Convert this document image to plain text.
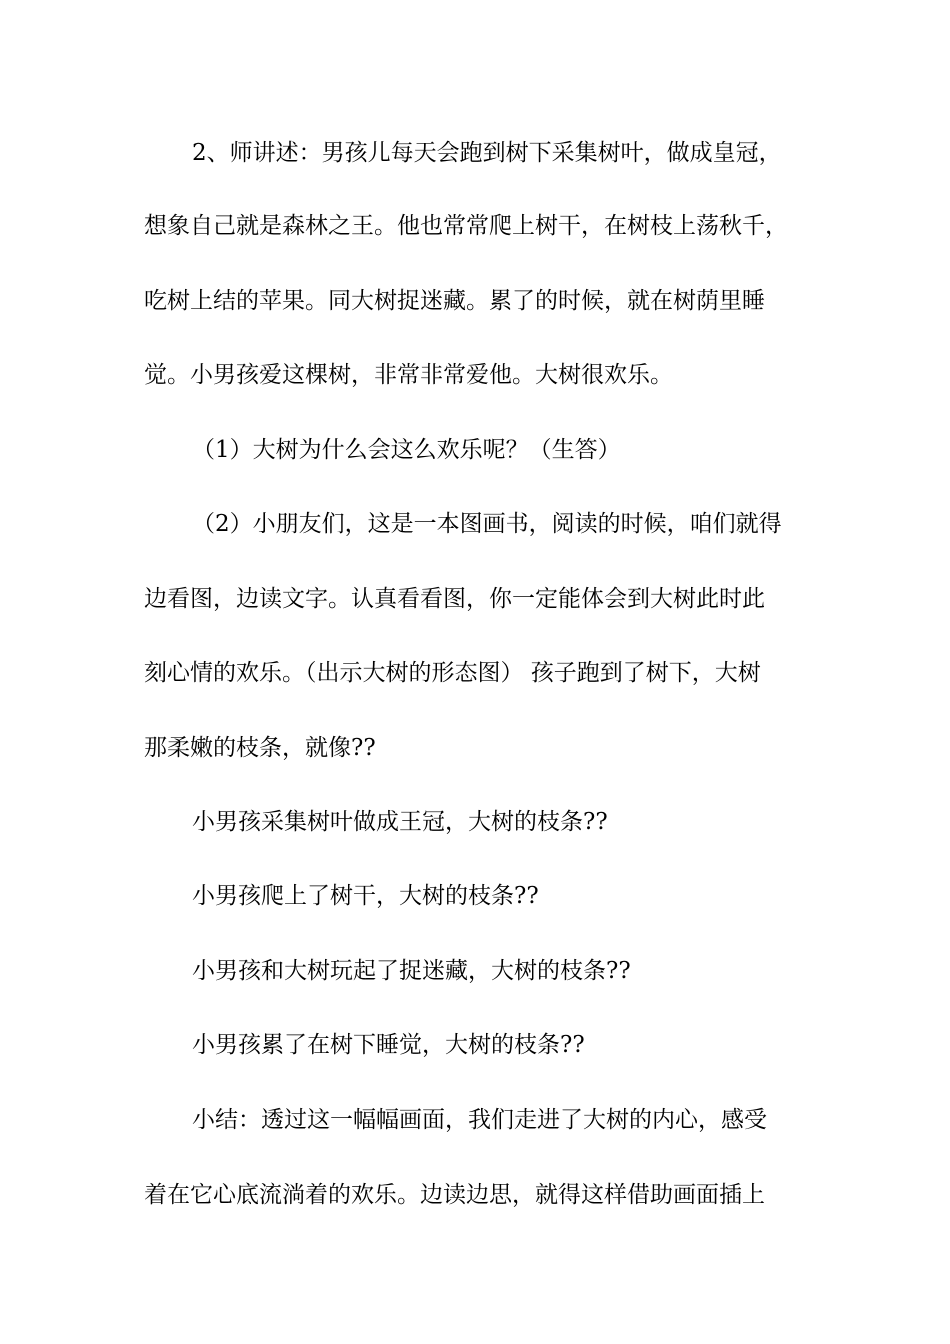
2、师讲述：男孩儿每天会跑到树下采集树叶，做成皇冠，
想象自己就是森林之王。他也常常爬上树干，在树枝上荡秋千，
吃树上结的苹果。同大树捉迷藏。累了的时候，就在树荫里睡
觉。小男孩爱这棵树，非常非常爱他。大树很欢乐。
（1）大树为什么会这么欢乐呢？（生答）
（2）小朋友们，这是一本图画书，阅读的时候，咱们就得
边看图，边读文字。认真看看图，你一定能体会到大树此时此
刻心情的欢乐。（出示大树的形态图） 孩子跑到了树下，大树
那柔嫩的枝条，就像??
小男孩采集树叶做成王冠，大树的枝条??
小男孩爬上了树干，大树的枝条??
小男孩和大树玩起了捉迷藏，大树的枝条??
小男孩累了在树下睡觉，大树的枝条??
小结：透过这一幅幅画面，我们走进了大树的内心，感受
着在它心底流淌着的欢乐。边读边思，就得这样借助画面插上
